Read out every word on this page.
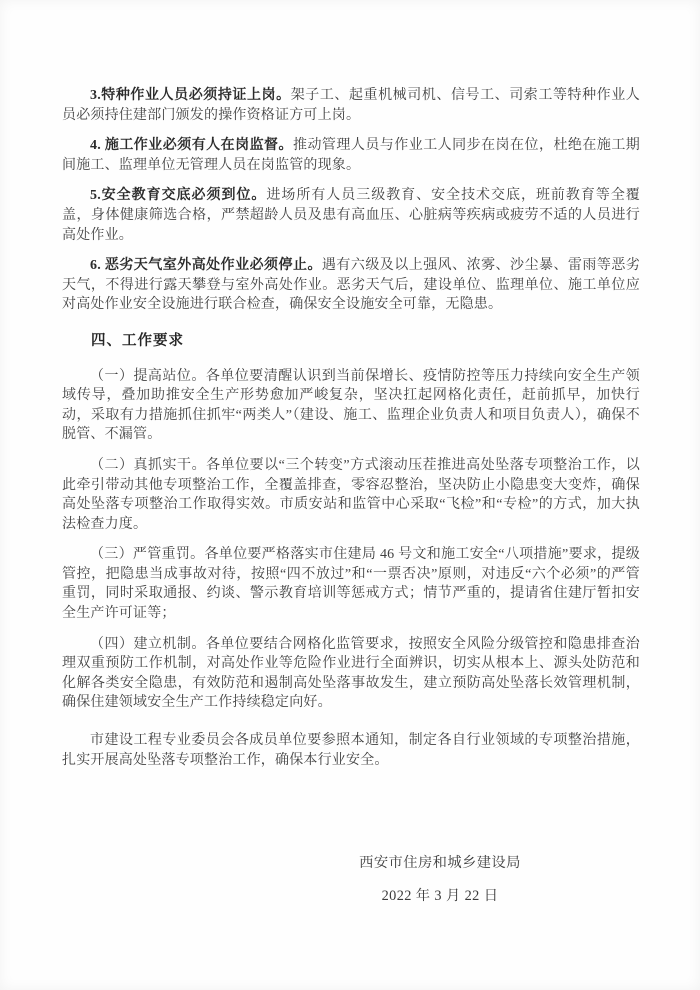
3.特种作业人员必须持证上岗。架子工、起重机械司机、信号工、司索工等特种作业人员必须持住建部门颁发的操作资格证方可上岗。

4. 施工作业必须有人在岗监督。推动管理人员与作业工人同步在岗在位，杜绝在施工期间施工、监理单位无管理人员在岗监管的现象。

5.安全教育交底必须到位。进场所有人员三级教育、安全技术交底，班前教育等全覆盖，身体健康筛选合格，严禁超龄人员及患有高血压、心脏病等疾病或疲劳不适的人员进行高处作业。

6. 恶劣天气室外高处作业必须停止。遇有六级及以上强风、浓雾、沙尘暴、雷雨等恶劣天气，不得进行露天攀登与室外高处作业。恶劣天气后，建设单位、监理单位、施工单位应对高处作业安全设施进行联合检查，确保安全设施安全可靠，无隐患。

四、工作要求

（一）提高站位。各单位要清醒认识到当前保增长、疫情防控等压力持续向安全生产领域传导，叠加助推安全生产形势愈加严峻复杂，坚决扛起网格化责任，赶前抓早，加快行动，采取有力措施抓住抓牢“两类人”（建设、施工、监理企业负责人和项目负责人），确保不脱管、不漏管。

（二）真抓实干。各单位要以“三个转变”方式滚动压茬推进高处坠落专项整治工作，以此牵引带动其他专项整治工作，全覆盖排查，零容忍整治，坚决防止小隐患变大变炸，确保高处坠落专项整治工作取得实效。市质安站和监管中心采取“飞检”和“专检”的方式，加大执法检查力度。

（三）严管重罚。各单位要严格落实市住建局 46 号文和施工安全“八项措施”要求，提级管控，把隐患当成事故对待，按照“四不放过”和“一票否决”原则，对违反“六个必须”的严管重罚，同时采取通报、约谈、警示教育培训等惩戒方式；情节严重的，提请省住建厅暂扣安全生产许可证等；

（四）建立机制。各单位要结合网格化监管要求，按照安全风险分级管控和隐患排查治理双重预防工作机制，对高处作业等危险作业进行全面辨识，切实从根本上、源头处防范和化解各类安全隐患，有效防范和遏制高处坠落事故发生，建立预防高处坠落长效管理机制，确保住建领域安全生产工作持续稳定向好。

市建设工程专业委员会各成员单位要参照本通知，制定各自行业领域的专项整治措施，扎实开展高处坠落专项整治工作，确保本行业安全。

西安市住房和城乡建设局
2022 年 3 月 22 日
